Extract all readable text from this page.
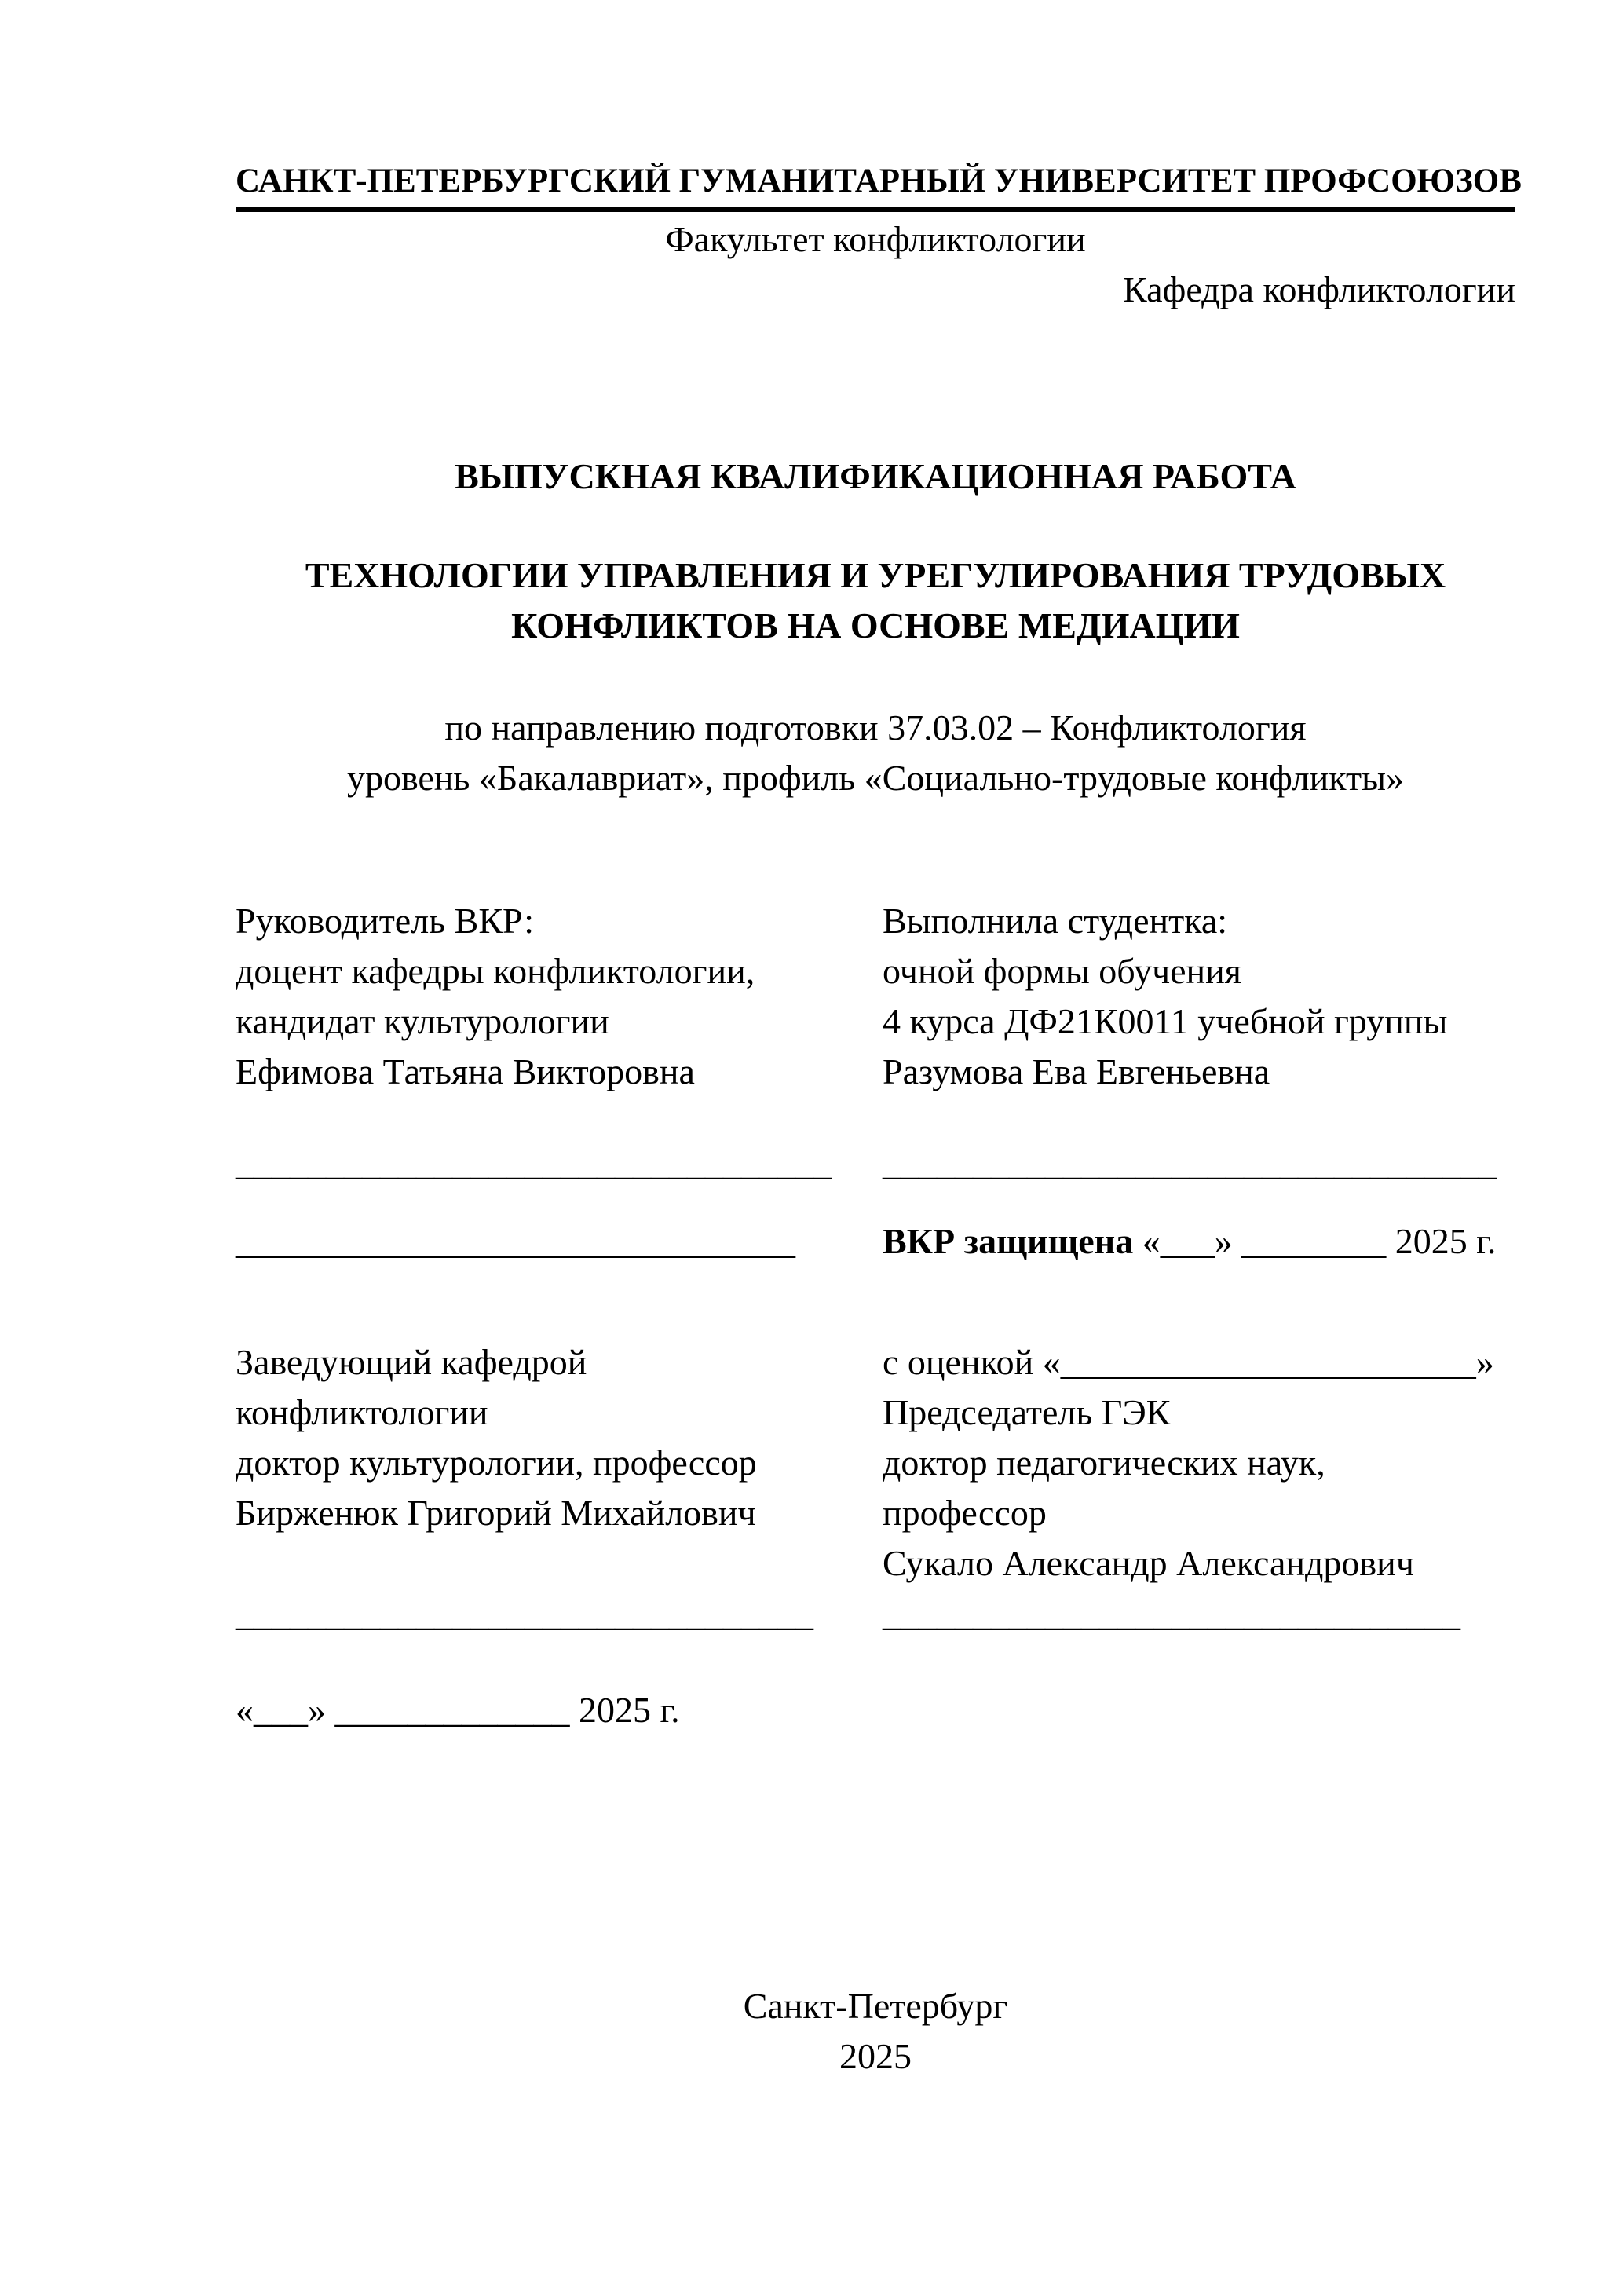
САНКТ-ПЕТЕРБУРГСКИЙ ГУМАНИТАРНЫЙ УНИВЕРСИТЕТ ПРОФСОЮЗОВ
Факультет конфликтологии
Кафедра конфликтологии
ВЫПУСКНАЯ КВАЛИФИКАЦИОННАЯ РАБОТА
ТЕХНОЛОГИИ УПРАВЛЕНИЯ И УРЕГУЛИРОВАНИЯ ТРУДОВЫХ КОНФЛИКТОВ НА ОСНОВЕ МЕДИАЦИИ
по направлению подготовки 37.03.02 – Конфликтология
уровень «Бакалавриат», профиль «Социально-трудовые конфликты»
Руководитель ВКР:
доцент кафедры конфликтологии,
кандидат культурологии
Ефимова Татьяна Викторовна
Выполнила студентка:
очной формы обучения
4 курса ДФ21К0011 учебной группы
Разумова Ева Евгеньевна
_________________________________	__________________________________
_______________________________	ВКР защищена «___» ________ 2025 г.
Заведующий кафедрой
конфликтологии
доктор культурологии, профессор
Бирженюк Григорий Михайлович
с оценкой «_______________________»
Председатель ГЭК
доктор педагогических наук,
профессор
Сукало Александр Александрович
________________________________	________________________________
«___» _____________ 2025 г.
Санкт-Петербург
2025
